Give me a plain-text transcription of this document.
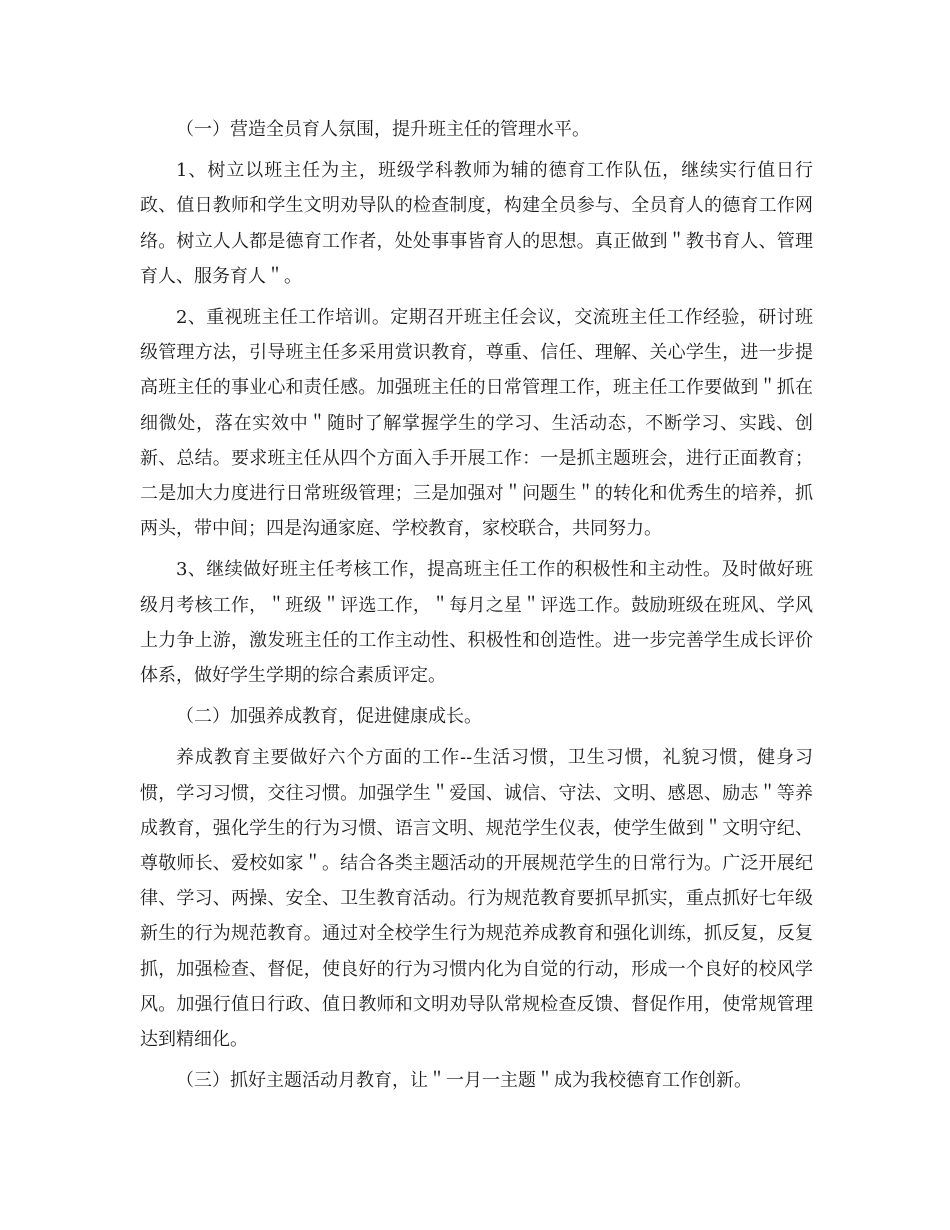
（一）营造全员育人氛围，提升班主任的管理水平。

1、树立以班主任为主，班级学科教师为辅的德育工作队伍，继续实行值日行政、值日教师和学生文明劝导队的检查制度，构建全员参与、全员育人的德育工作网络。树立人人都是德育工作者，处处事事皆育人的思想。真正做到＂教书育人、管理育人、服务育人＂。

2、重视班主任工作培训。定期召开班主任会议，交流班主任工作经验，研讨班级管理方法，引导班主任多采用赏识教育，尊重、信任、理解、关心学生，进一步提高班主任的事业心和责任感。加强班主任的日常管理工作，班主任工作要做到＂抓在细微处，落在实效中＂随时了解掌握学生的学习、生活动态，不断学习、实践、创新、总结。要求班主任从四个方面入手开展工作：一是抓主题班会，进行正面教育；二是加大力度进行日常班级管理；三是加强对＂问题生＂的转化和优秀生的培养，抓两头，带中间；四是沟通家庭、学校教育，家校联合，共同努力。

3、继续做好班主任考核工作，提高班主任工作的积极性和主动性。及时做好班级月考核工作，＂班级＂评选工作，＂每月之星＂评选工作。鼓励班级在班风、学风上力争上游，激发班主任的工作主动性、积极性和创造性。进一步完善学生成长评价体系，做好学生学期的综合素质评定。

（二）加强养成教育，促进健康成长。

养成教育主要做好六个方面的工作--生活习惯，卫生习惯，礼貌习惯，健身习惯，学习习惯，交往习惯。加强学生＂爱国、诚信、守法、文明、感恩、励志＂等养成教育，强化学生的行为习惯、语言文明、规范学生仪表，使学生做到＂文明守纪、尊敬师长、爱校如家＂。结合各类主题活动的开展规范学生的日常行为。广泛开展纪律、学习、两操、安全、卫生教育活动。行为规范教育要抓早抓实，重点抓好七年级新生的行为规范教育。通过对全校学生行为规范养成教育和强化训练，抓反复，反复抓，加强检查、督促，使良好的行为习惯内化为自觉的行动，形成一个良好的校风学风。加强行值日行政、值日教师和文明劝导队常规检查反馈、督促作用，使常规管理达到精细化。

（三）抓好主题活动月教育，让＂一月一主题＂成为我校德育工作创新。
